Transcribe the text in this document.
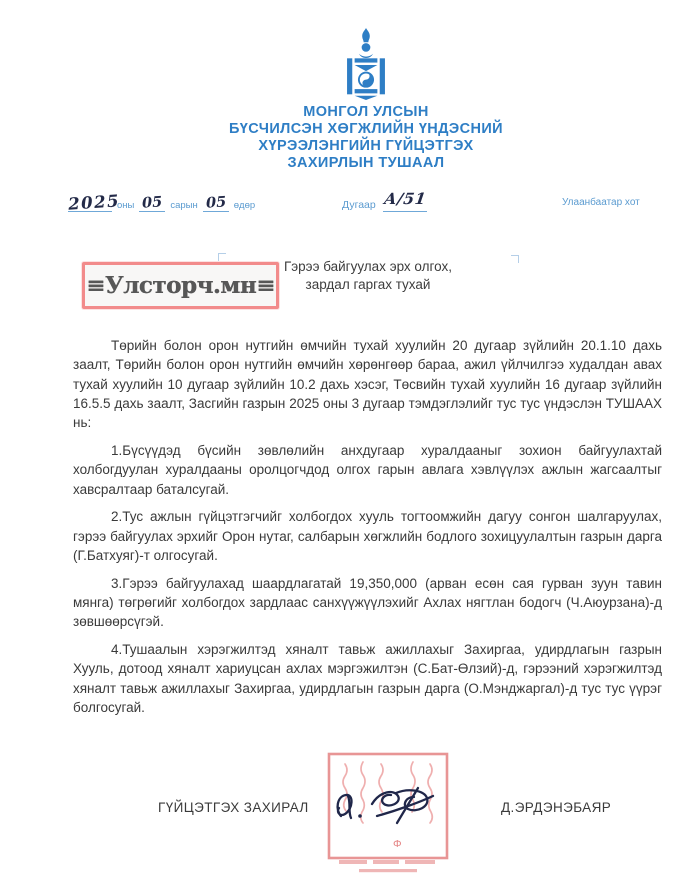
МОНГОЛ УЛСЫН
БҮСЧИЛСЭН ХӨГЖЛИЙН ҮНДЭСНИЙ
ХҮРЭЭЛЭНГИЙН ГҮЙЦЭТГЭХ
ЗАХИРЛЫН ТУШААЛ
2025
оны 05 сарын 05 өдөр	Дугаар А/51	Улаанбаатар хот
≡Улсторч.мн≡
Гэрээ байгуулах эрх олгох,
зардал гаргах тухай

Төрийн болон орон нутгийн өмчийн тухай хуулийн 20 дугаар зүйлийн 20.1.10 дахь заалт, Төрийн болон орон нутгийн өмчийн хөрөнгөөр бараа, ажил үйлчилгээ худалдан авах тухай хуулийн 10 дугаар зүйлийн 10.2 дахь хэсэг, Төсвийн тухай хуулийн 16 дугаар зүйлийн 16.5.5 дахь заалт, Засгийн газрын 2025 оны 3 дугаар тэмдэглэлийг тус тус үндэслэн ТУШААХ нь:

1.Бүсүүдэд бүсийн зөвлөлийн анхдугаар хуралдааныг зохион байгуулахтай холбогдуулан хуралдааны оролцогчдод олгох гарын авлага хэвлүүлэх ажлын жагсаалтыг хавсралтаар баталсугай.

2.Тус ажлын гүйцэтгэгчийг холбогдох хууль тогтоомжийн дагуу сонгон шалгаруулах, гэрээ байгуулах эрхийг Орон нутаг, салбарын хөгжлийн бодлого зохицуулалтын газрын дарга (Г.Батхуяг)-т олгосугай.

3.Гэрээ байгуулахад шаардлагатай 19,350,000 (арван есөн сая гурван зуун тавин мянга) төгрөгийг холбогдох зардлаас санхүүжүүлэхийг Ахлах нягтлан бодогч (Ч.Аюурзана)-д зөвшөөрсүгэй.

4.Тушаалын хэрэгжилтэд хяналт тавьж ажиллахыг Захиргаа, удирдлагын газрын Хууль, дотоод хяналт хариуцсан ахлах мэргэжилтэн (С.Бат-Өлзий)-д, гэрээний хэрэгжилтэд хяналт тавьж ажиллахыг Захиргаа, удирдлагын газрын дарга (О.Мэнджаргал)-д тус тус үүрэг болгосугай.

Ф
ГҮЙЦЭТГЭХ ЗАХИРАЛ	Д.ЭРДЭНЭБАЯР
